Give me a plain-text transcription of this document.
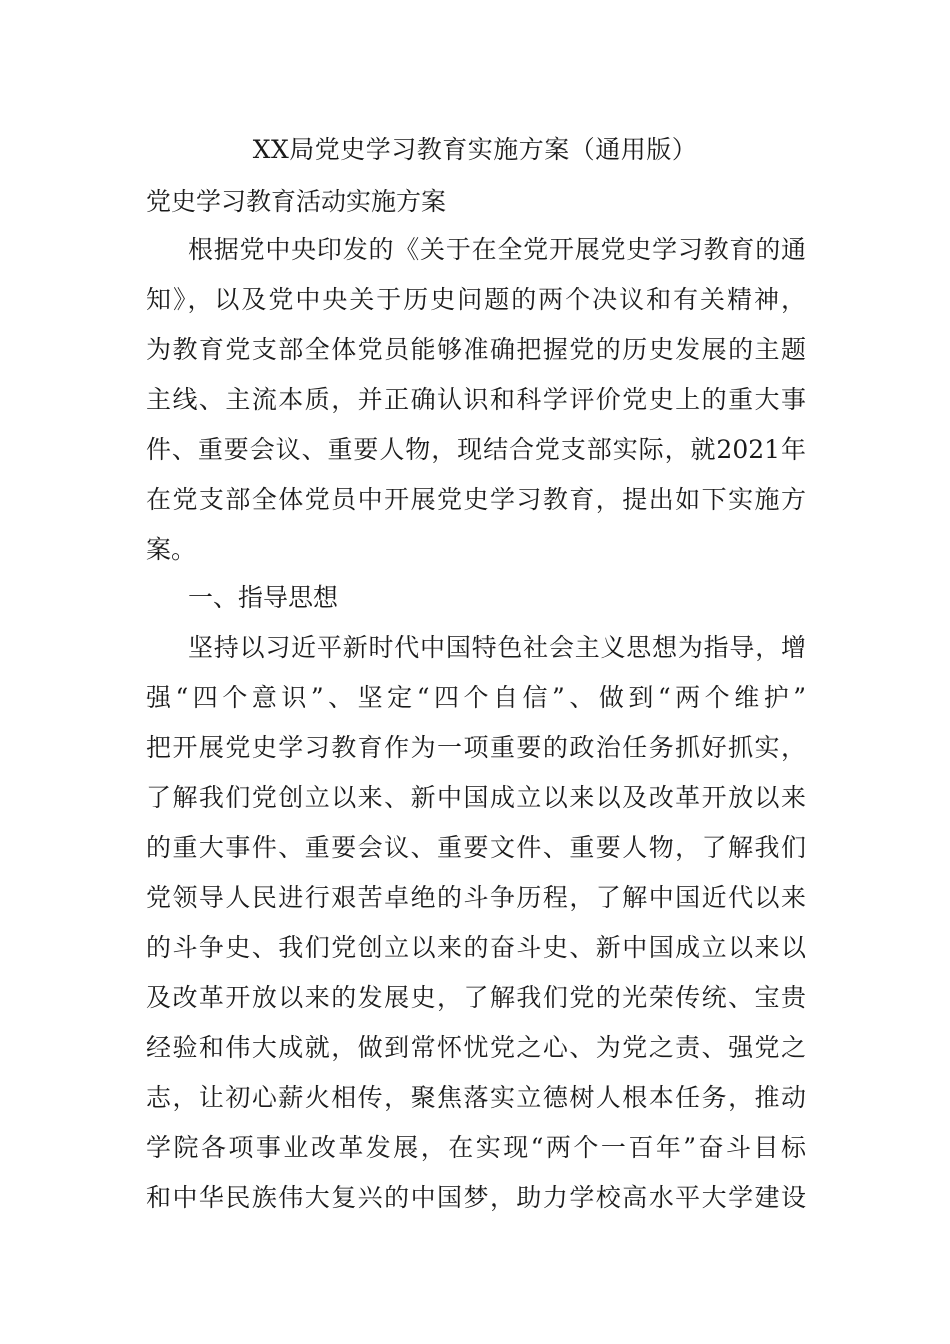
XX局党史学习教育实施方案（通用版）
党史学习教育活动实施方案
根据党中央印发的《关于在全党开展党史学习教育的通
知》，以及党中央关于历史问题的两个决议和有关精神，
为教育党支部全体党员能够准确把握党的历史发展的主题
主线、主流本质，并正确认识和科学评价党史上的重大事
件、重要会议、重要人物，现结合党支部实际，就2021年
在党支部全体党员中开展党史学习教育，提出如下实施方
案。
一、指导思想
坚持以习近平新时代中国特色社会主义思想为指导，增
强“四个意识”、坚定“四个自信”、做到“两个维护”
把开展党史学习教育作为一项重要的政治任务抓好抓实，
了解我们党创立以来、新中国成立以来以及改革开放以来
的重大事件、重要会议、重要文件、重要人物，了解我们
党领导人民进行艰苦卓绝的斗争历程，了解中国近代以来
的斗争史、我们党创立以来的奋斗史、新中国成立以来以
及改革开放以来的发展史，了解我们党的光荣传统、宝贵
经验和伟大成就，做到常怀忧党之心、为党之责、强党之
志，让初心薪火相传，聚焦落实立德树人根本任务，推动
学院各项事业改革发展，在实现“两个一百年”奋斗目标
和中华民族伟大复兴的中国梦，助力学校高水平大学建设
